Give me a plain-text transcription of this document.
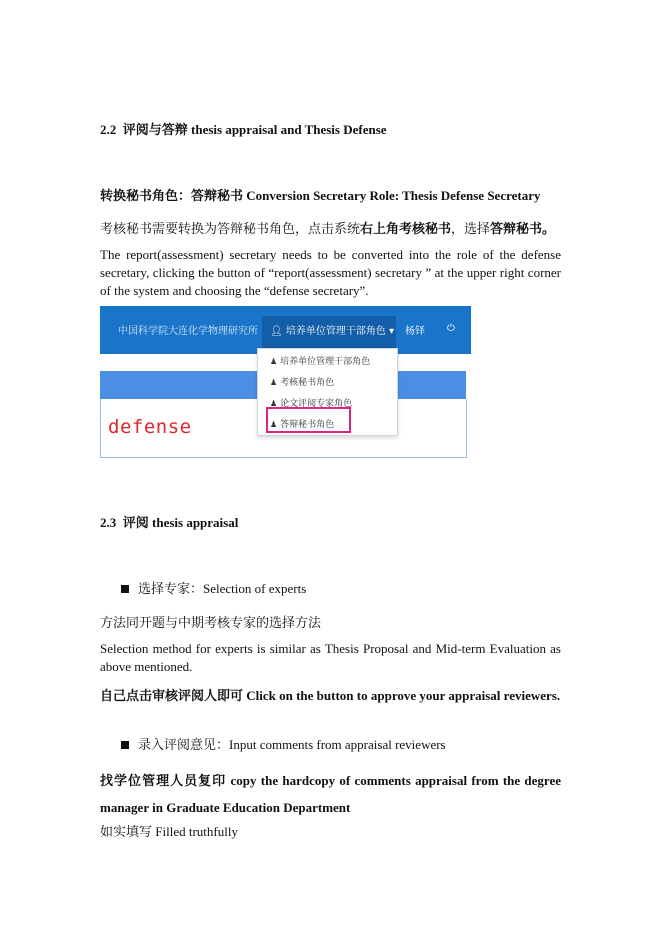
2.2 评阅与答辩 thesis appraisal and Thesis Defense
转换秘书角色：答辩秘书 Conversion Secretary Role: Thesis Defense Secretary
考核秘书需要转换为答辩秘书角色，点击系统右上角考核秘书，选择答辩秘书。
The report(assessment) secretary needs to be converted into the role of the defense secretary, clicking the button of “report(assessment) secretary ” at the upper right corner of the system and choosing the “defense secretary”.
中国科学院大连化学物理研究所 👤︎ 培养单位管理干部角色 ▾ 杨铎 ⏻
defense
♟ 培养单位管理干部角色
♟ 考核秘书角色
♟ 论文评阅专家角色
♟ 答辩秘书角色
2.3 评阅 thesis appraisal
选择专家：Selection of experts
方法同开题与中期考核专家的选择方法
Selection method for experts is similar as Thesis Proposal and Mid-term Evaluation as above mentioned.
自己点击审核评阅人即可 Click on the button to approve your appraisal reviewers.
录入评阅意见：Input comments from appraisal reviewers
找学位管理人员复印 copy the hardcopy of comments appraisal from the degree manager in Graduate Education Department
如实填写 Filled truthfully
